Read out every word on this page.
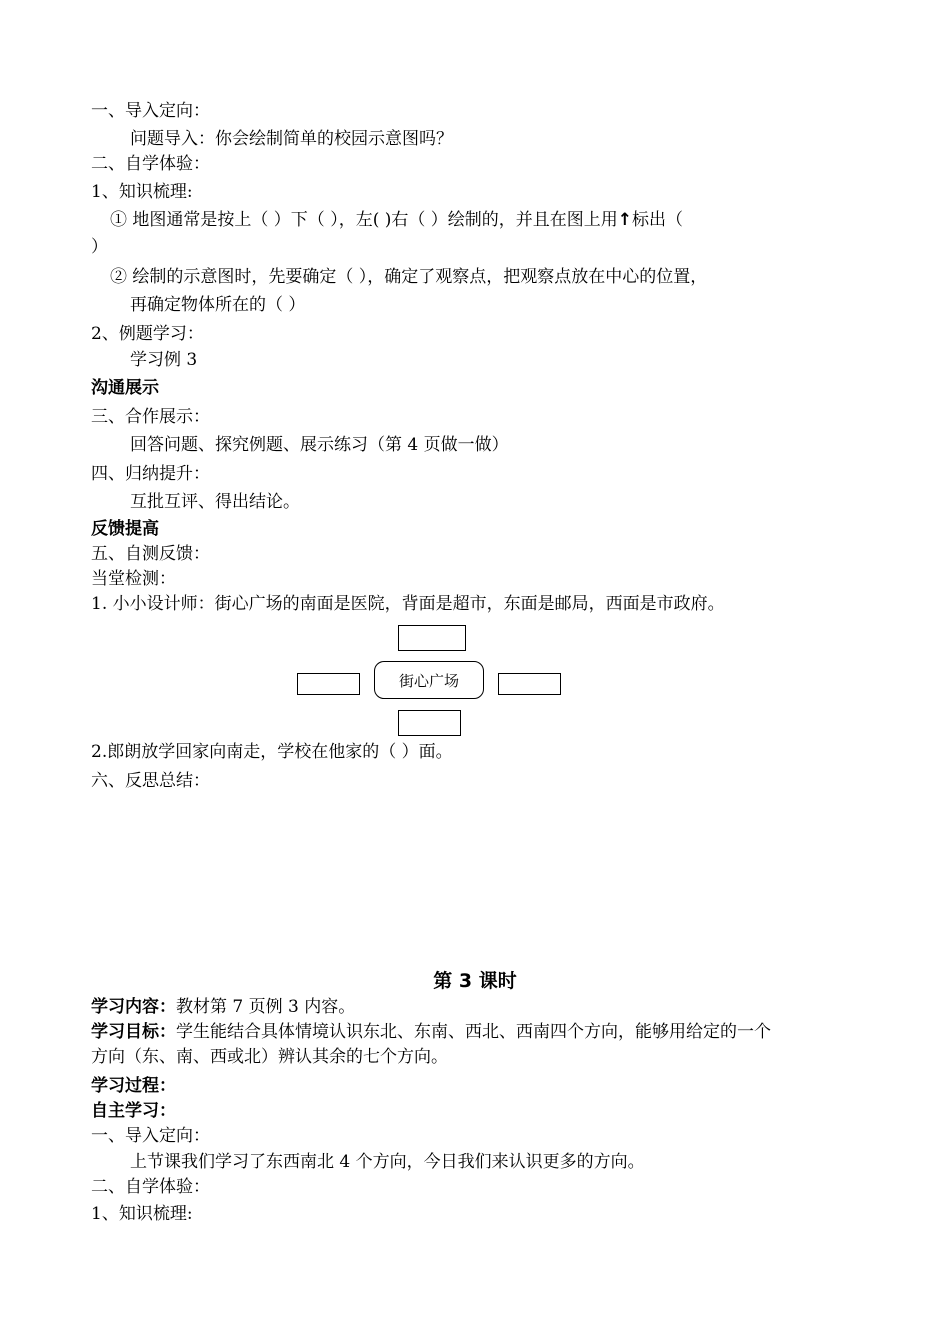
一、导入定向：
问题导入：你会绘制简单的校园示意图吗？
二、自学体验：
1、知识梳理:
① 地图通常是按上（ ）下（ ），左( )右（ ）绘制的，并且在图上用↑标出（
）
② 绘制的示意图时，先要确定（ ），确定了观察点，把观察点放在中心的位置，
再确定物体所在的（ ）
2、例题学习：
学习例 3
沟通展示
三、合作展示：
回答问题、探究例题、展示练习（第 4 页做一做）
四、归纳提升：
互批互评、得出结论。
反馈提高
五、自测反馈：
当堂检测：
1. 小小设计师：街心广场的南面是医院，背面是超市，东面是邮局，西面是市政府。
街心广场
2.郎朗放学回家向南走，学校在他家的（ ）面。
六、反思总结：
第 3 课时
学习内容：教材第 7 页例 3 内容。
学习目标：学生能结合具体情境认识东北、东南、西北、西南四个方向，能够用给定的一个
方向（东、南、西或北）辨认其余的七个方向。
学习过程：
自主学习：
一、导入定向：
上节课我们学习了东西南北 4 个方向，今日我们来认识更多的方向。
二、自学体验：
1、知识梳理:
